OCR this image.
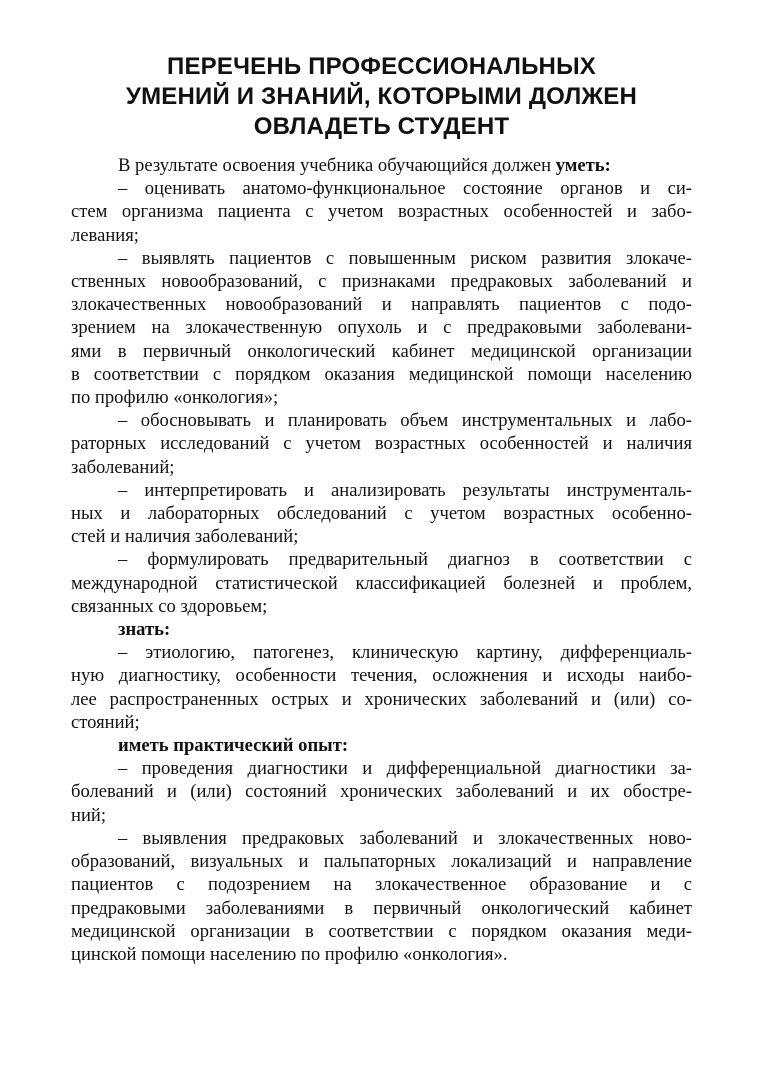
ПЕРЕЧЕНЬ ПРОФЕССИОНАЛЬНЫХ
УМЕНИЙ И ЗНАНИЙ, КОТОРЫМИ ДОЛЖЕН
ОВЛАДЕТЬ СТУДЕНТ
В результате освоения учебника обучающийся должен уметь:
– оценивать анатомо-функциональное состояние органов и си-
стем организма пациента с учетом возрастных особенностей и забо-
левания;
– выявлять пациентов с повышенным риском развития злокаче-
ственных новообразований, с признаками предраковых заболеваний и
злокачественных новообразований и направлять пациентов с подо-
зрением на злокачественную опухоль и с предраковыми заболевани-
ями в первичный онкологический кабинет медицинской организации
в соответствии с порядком оказания медицинской помощи населению
по профилю «онкология»;
– обосновывать и планировать объем инструментальных и лабо-
раторных исследований с учетом возрастных особенностей и наличия
заболеваний;
– интерпретировать и анализировать результаты инструменталь-
ных и лабораторных обследований с учетом возрастных особенно-
стей и наличия заболеваний;
– формулировать предварительный диагноз в соответствии с
международной статистической классификацией болезней и проблем,
связанных со здоровьем;
знать:
– этиологию, патогенез, клиническую картину, дифференциаль-
ную диагностику, особенности течения, осложнения и исходы наибо-
лее распространенных острых и хронических заболеваний и (или) со-
стояний;
иметь практический опыт:
– проведения диагностики и дифференциальной диагностики за-
болеваний и (или) состояний хронических заболеваний и их обостре-
ний;
– выявления предраковых заболеваний и злокачественных ново-
образований, визуальных и пальпаторных локализаций и направление
пациентов с подозрением на злокачественное образование и с
предраковыми заболеваниями в первичный онкологический кабинет
медицинской организации в соответствии с порядком оказания меди-
цинской помощи населению по профилю «онкология».
